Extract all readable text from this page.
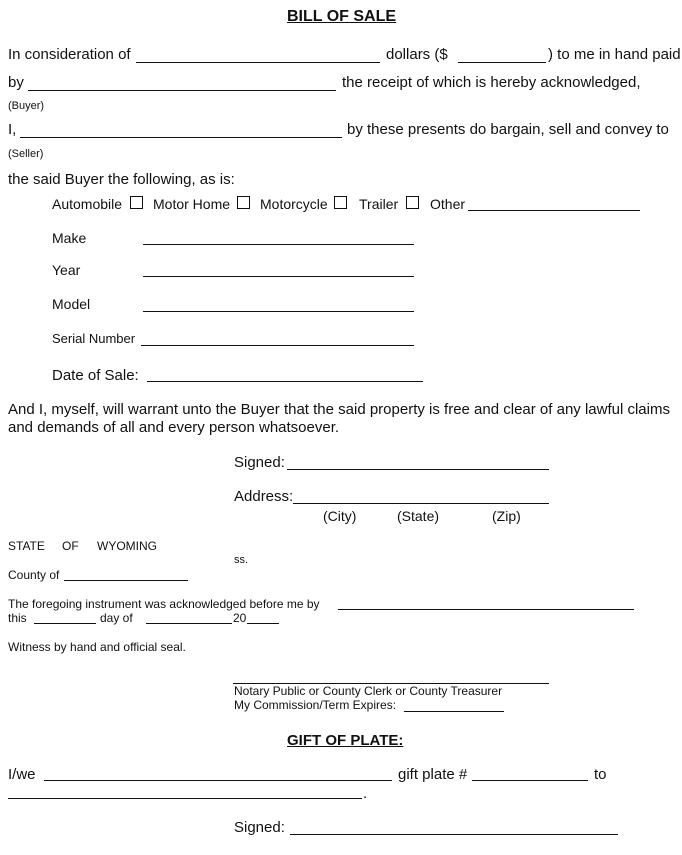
BILL OF SALE
In consideration of	dollars ($	) to me in hand paid
by	the receipt of which is hereby acknowledged,
(Buyer)
I,	by these presents do bargain, sell and convey to
(Seller)
the said Buyer the following, as is:
Automobile Motor Home Motorcycle Trailer Other
Make
Year
Model
Serial Number
Date of Sale:
And I, myself, will warrant unto the Buyer that the said property is free and clear of any lawful claims
and demands of all and every person whatsoever.
Signed:
Address:
(City)	(State)	(Zip)
STATE OF WYOMING
ss.
County of
The foregoing instrument was acknowledged before me by
this	day of	20
Witness by hand and official seal.
Notary Public or County Clerk or County Treasurer
My Commission/Term Expires:
GIFT OF PLATE:
I/we	gift plate #	to
.
Signed:
